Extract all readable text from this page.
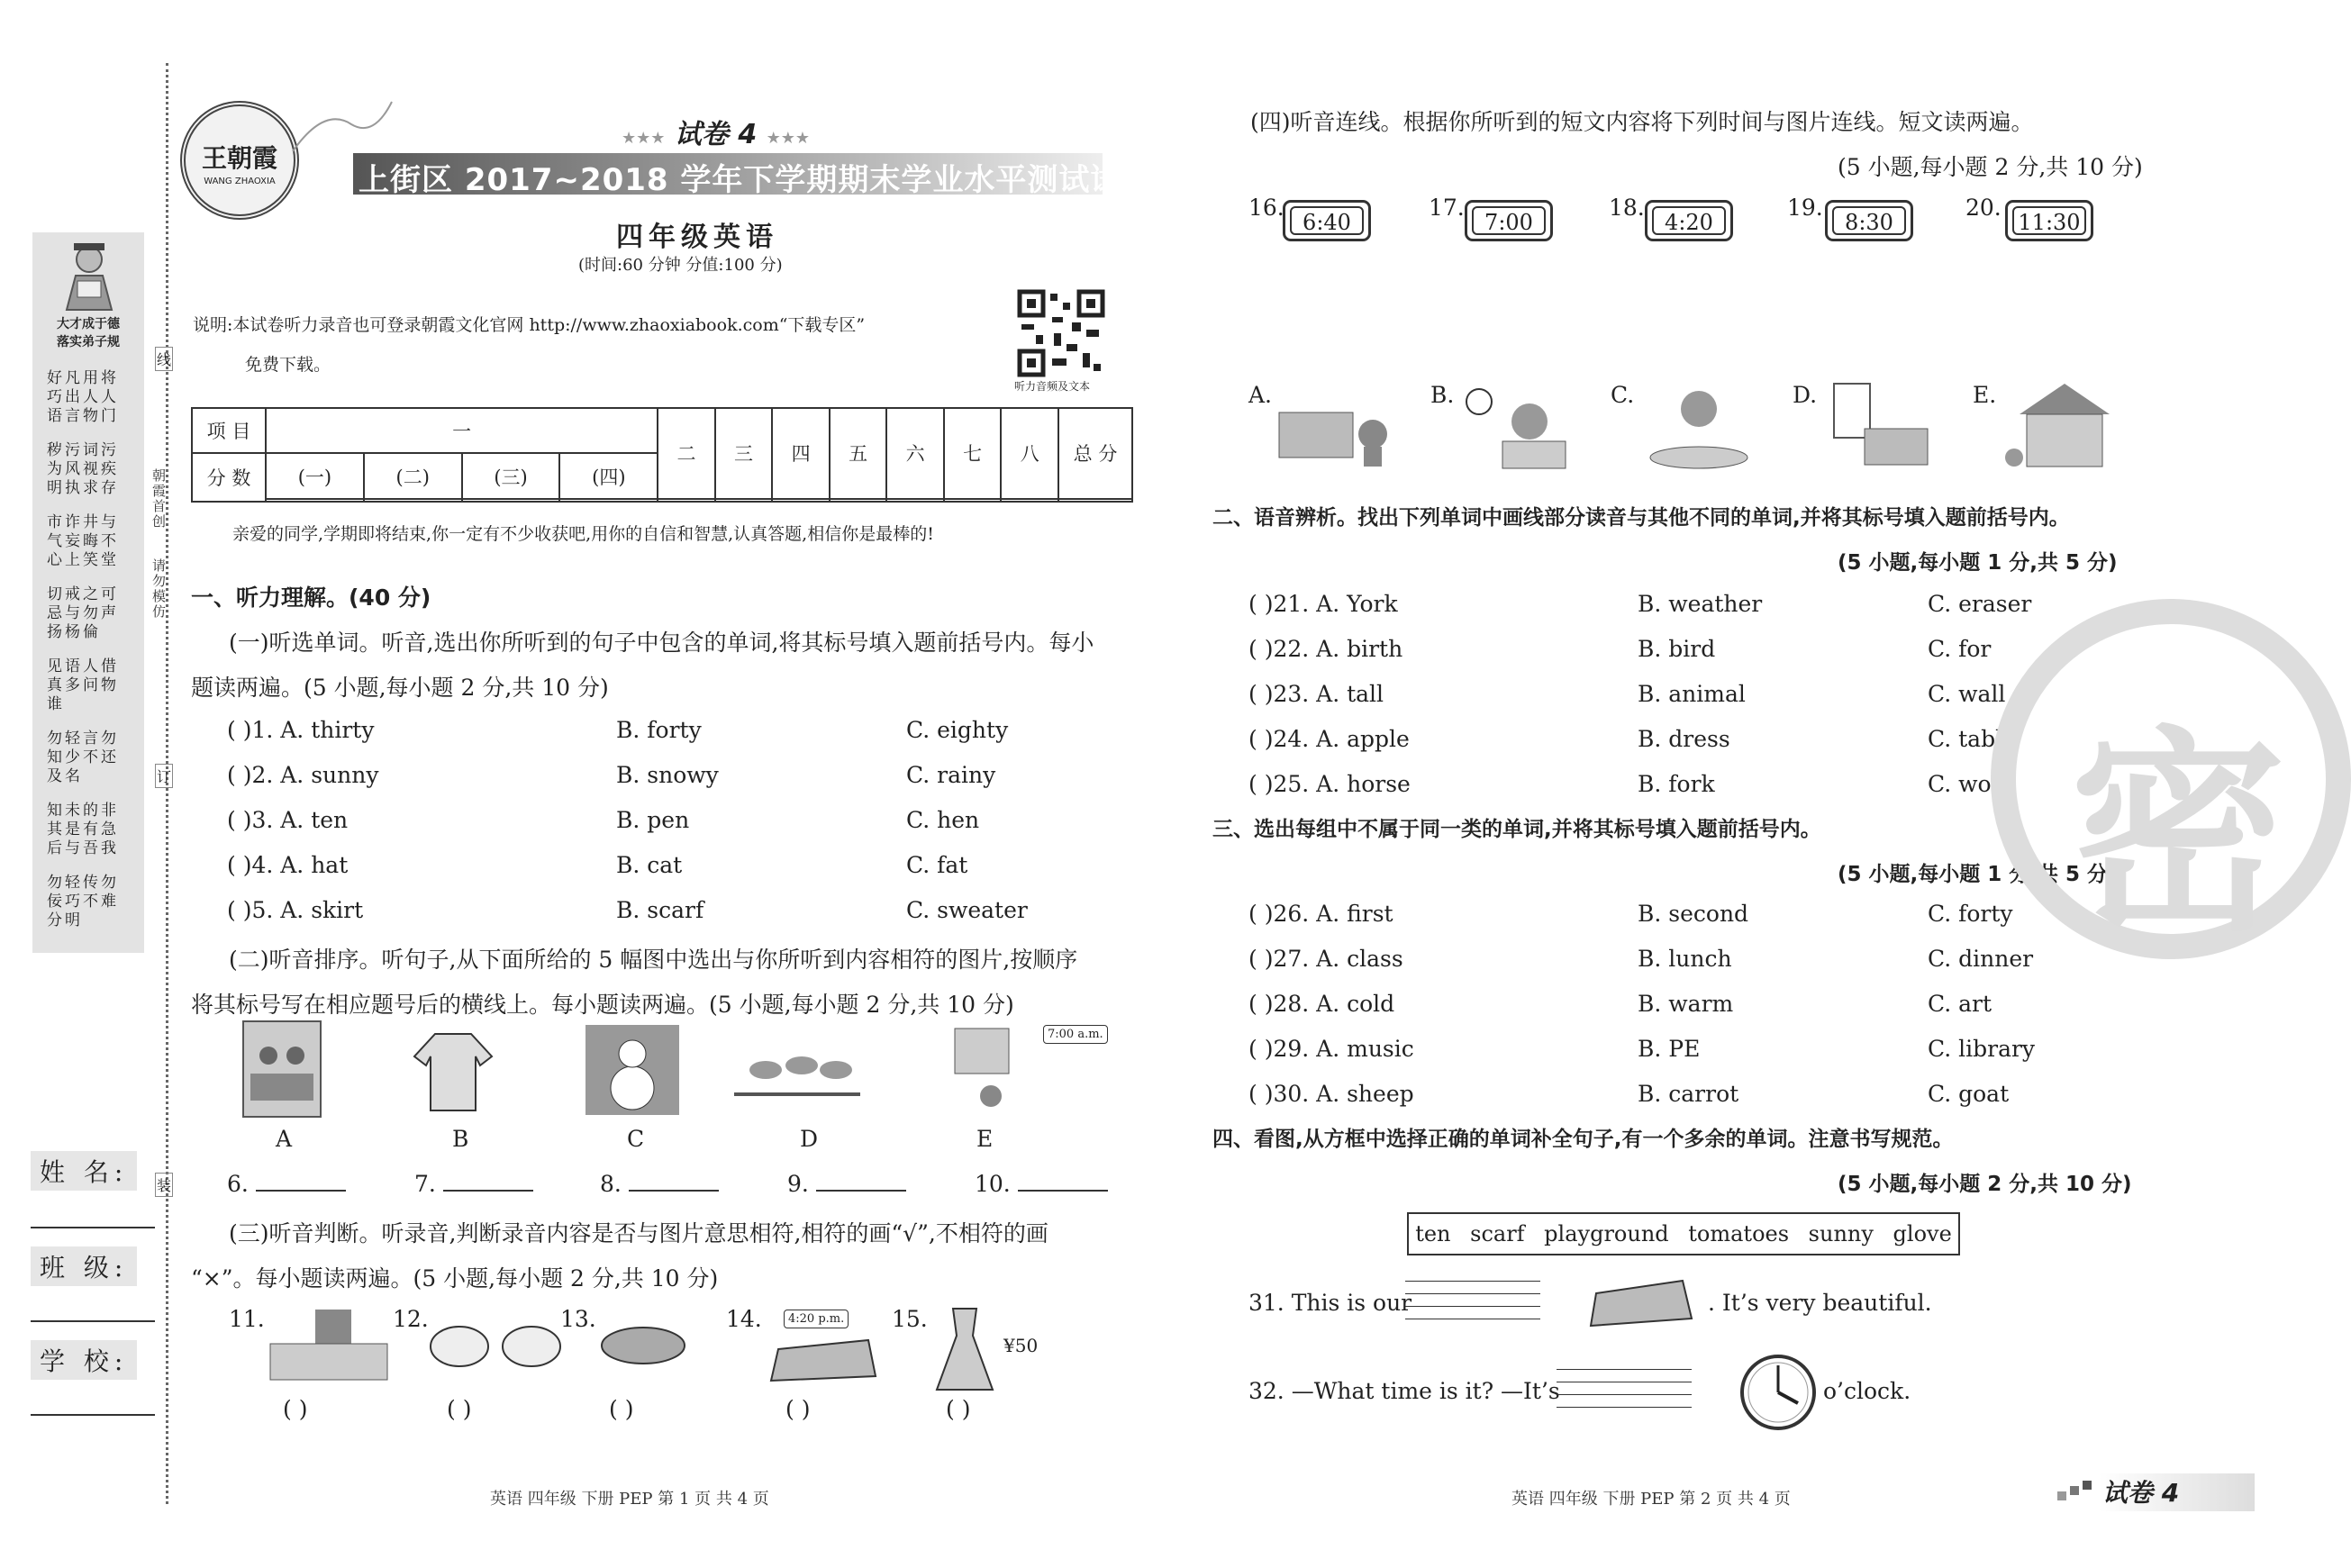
大才成于德
落实弟子规
好凡用将巧出人人语言物门
秽污词污为风视疾明执求存
市诈井与气妄晦不心上笑堂
切戒之可忌与勿声扬杨倫
见语人借真多问物谁
勿轻言勿知少不还及名
知未的非其是有急后与吾我
勿轻传勿佞巧不难分明
朝霞首创
请勿模仿
线
订
装
姓 名:
班 级:
学 校:
王朝霞
WANG ZHAOXIA
★★★ 试卷 4 ★★★
上街区 2017~2018 学年下学期期末学业水平测试试卷
四年级英语
(时间:60 分钟 分值:100 分)
说明:本试卷听力录音也可登录朝霞文化官网 http://www.zhaoxiabook.com“下载专区”
免费下载。
听力音频及文本
项 目	一				二	三	四	五	六	七	八	总 分
分 数	(一)	(二)	(三)	(四)								

亲爱的同学,学期即将结束,你一定有不少收获吧,用你的自信和智慧,认真答题,相信你是最棒的!
一、听力理解。(40 分)
(一)听选单词。听音,选出你所听到的句子中包含的单词,将其标号填入题前括号内。每小
题读两遍。(5 小题,每小题 2 分,共 10 分)
( )1. A. thirty	B. forty	C. eighty
( )2. A. sunny	B. snowy	C. rainy
( )3. A. ten	B. pen	C. hen
( )4. A. hat	B. cat	C. fat
( )5. A. skirt	B. scarf	C. sweater
(二)听音排序。听句子,从下面所给的 5 幅图中选出与你所听到内容相符的图片,按顺序
将其标号写在相应题号后的横线上。每小题读两遍。(5 小题,每小题 2 分,共 10 分)
7:00 a.m.
A	B	C	D	E
6.	7.	8.	9.	10.
(三)听音判断。听录音,判断录音内容是否与图片意思相符,相符的画“√”,不相符的画
“×”。每小题读两遍。(5 小题,每小题 2 分,共 10 分)
11.	12.	13.	14.	4:20 p.m. 15.
¥50
( )	( )	( )	( )	( )
(四)听音连线。根据你所听到的短文内容将下列时间与图片连线。短文读两遍。
(5 小题,每小题 2 分,共 10 分)
16.
6:40
17.
7:00
18.
4:20
19.
8:30
20.
11:30
A.	B.	C.	D.	E.
二、语音辨析。找出下列单词中画线部分读音与其他不同的单词,并将其标号填入题前括号内。
(5 小题,每小题 1 分,共 5 分)
( )21. A. York	B. weather	C. eraser
( )22. A. birth	B. bird	C. for
( )23. A. tall	B. animal	C. wall
( )24. A. apple	B. dress	C. table
( )25. A. horse	B. fork	C. work
三、选出每组中不属于同一类的单词,并将其标号填入题前括号内。
(5 小题,每小题 1 分,共 5 分)
( )26. A. first	B. second	C. forty
( )27. A. class	B. lunch	C. dinner
( )28. A. cold	B. warm	C. art
( )29. A. music	B. PE	C. library
( )30. A. sheep	B. carrot	C. goat
四、看图,从方框中选择正确的单词补全句子,有一个多余的单词。注意书写规范。
(5 小题,每小题 2 分,共 10 分)
ten scarf playground tomatoes sunny glove
31. This is our	. It’s very beautiful.
32. —What time is it? —It’s	o’clock.
密
英语 四年级 下册 PEP 第 1 页 共 4 页	英语 四年级 下册 PEP 第 2 页 共 4 页	试卷 4
